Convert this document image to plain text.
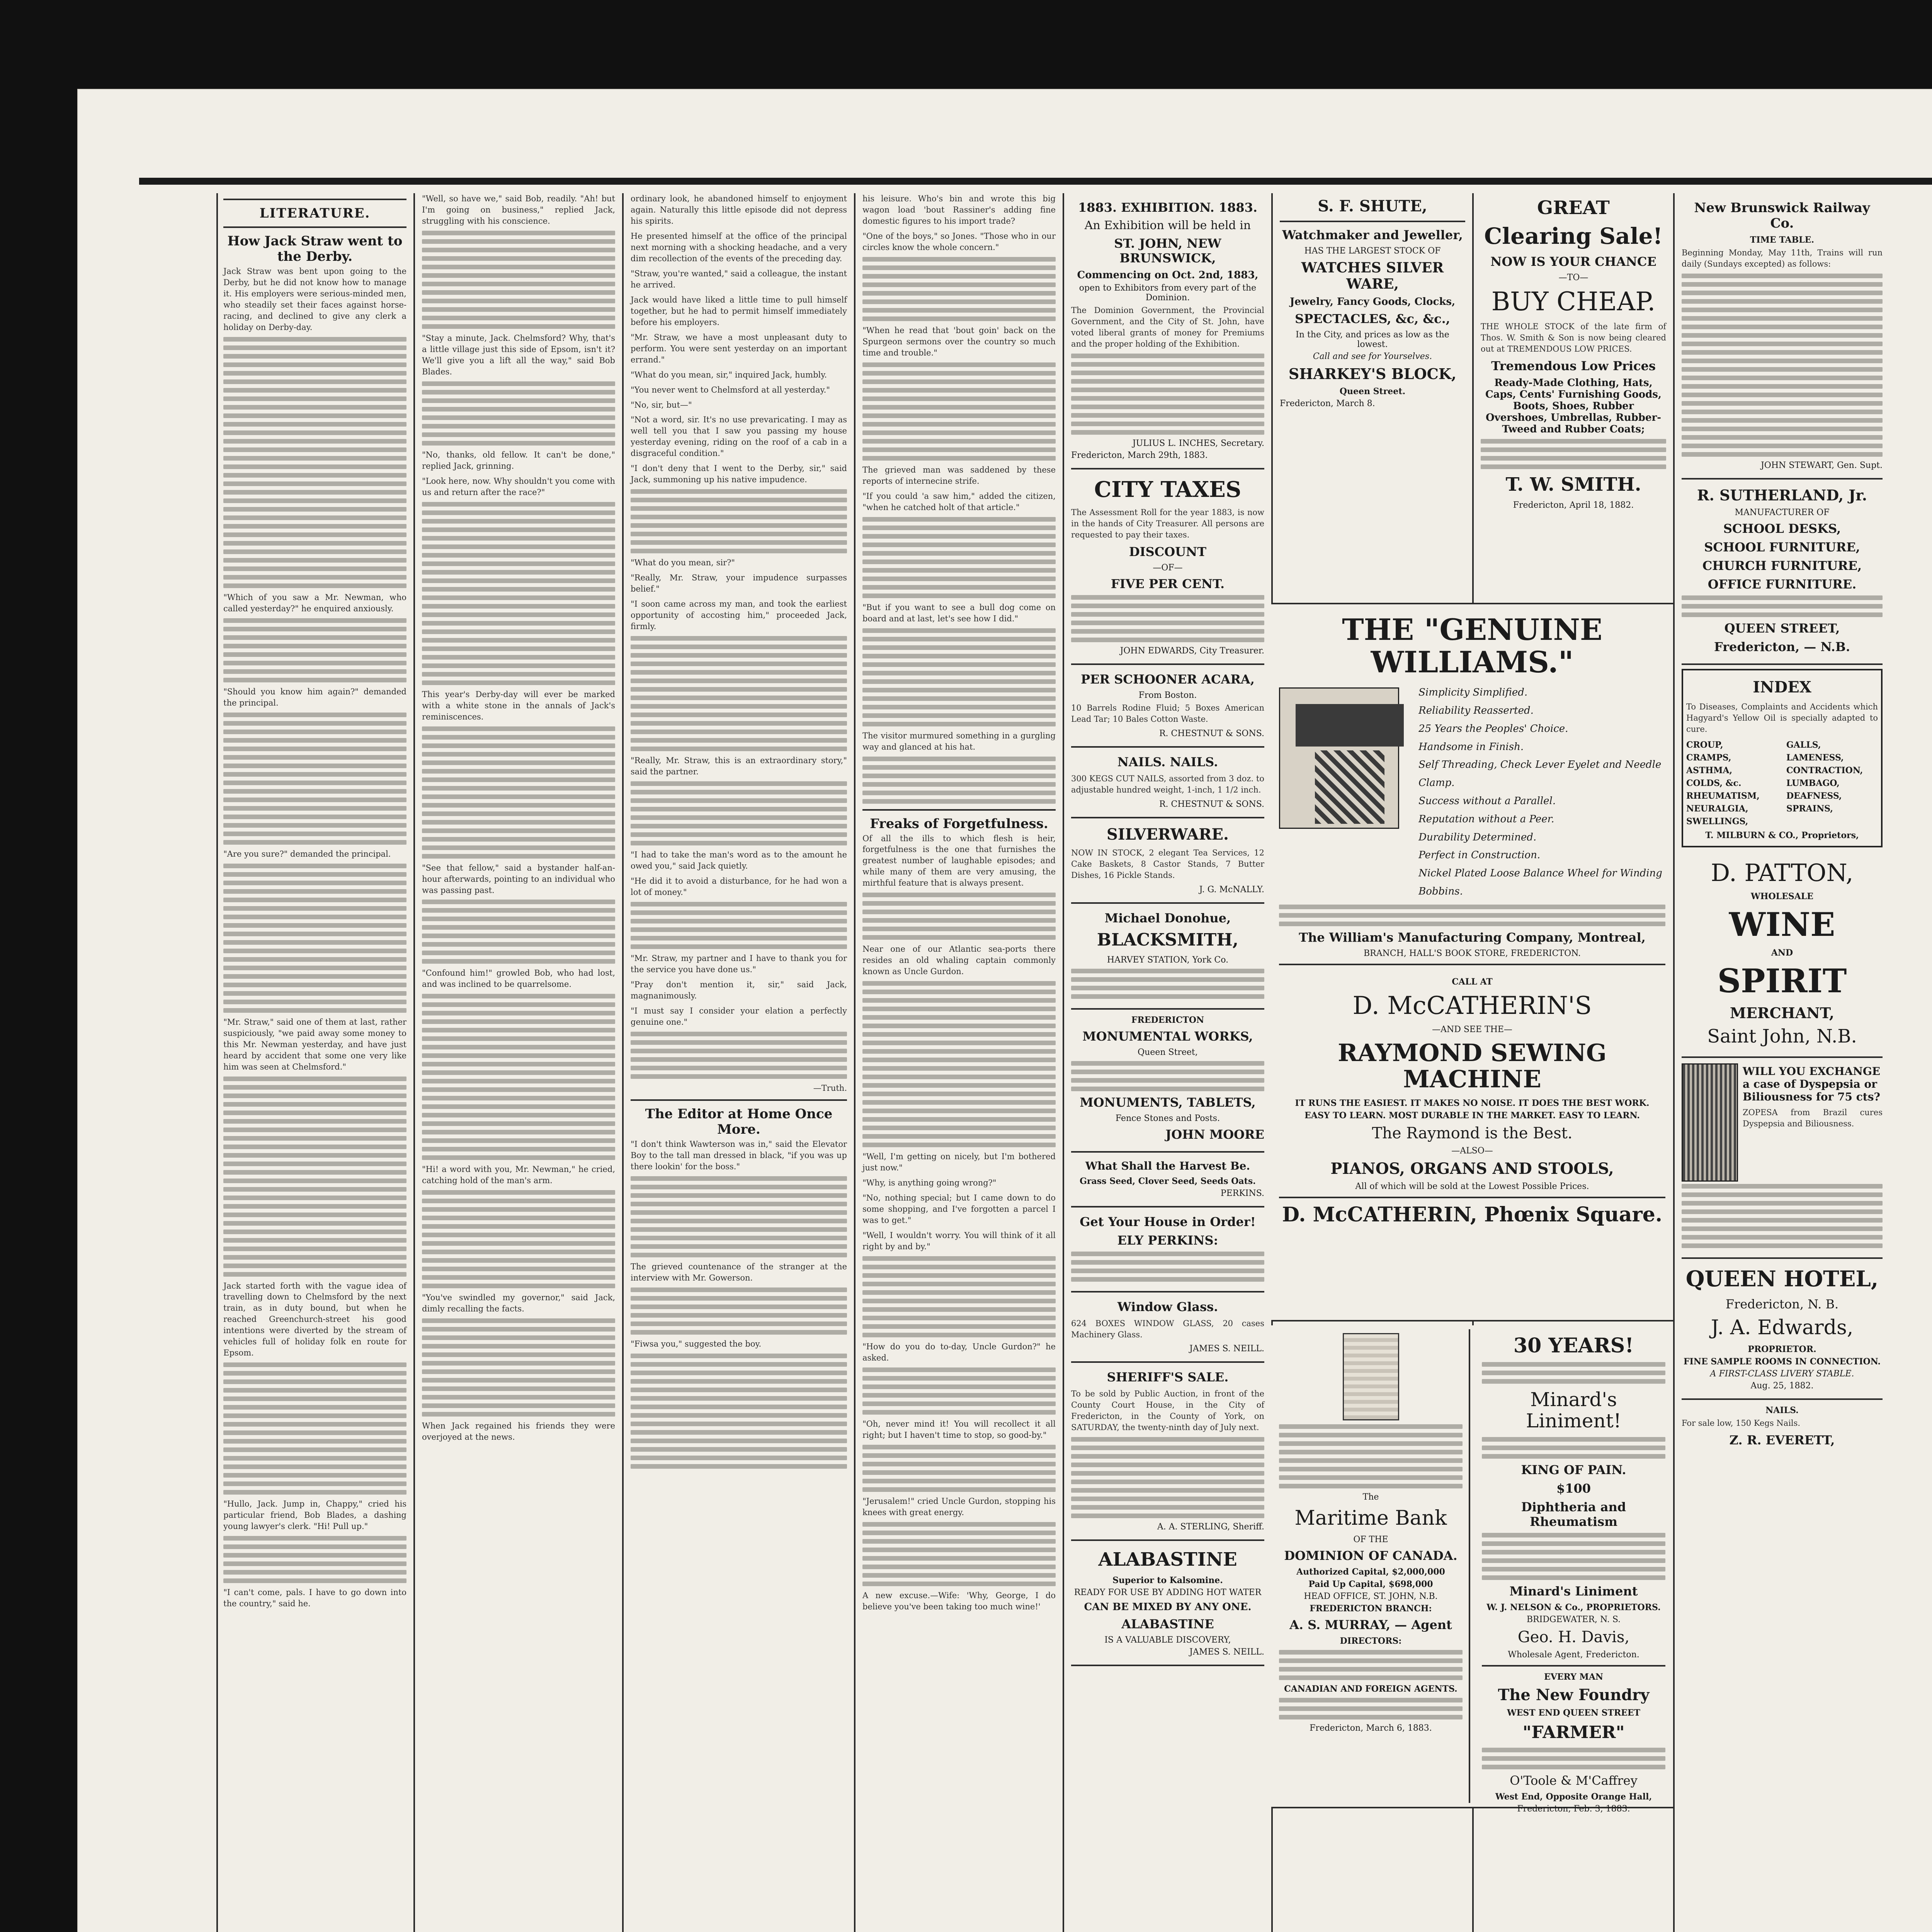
LITERATURE.
How Jack Straw went to the Derby.

Jack Straw was bent upon going to the Derby, but he did not know how to manage it. His employers were serious-minded men, who steadily set their faces against horse-racing, and declined to give any clerk a holiday on Derby-day.

"Which of you saw a Mr. Newman, who called yesterday?" he enquired anxiously.

"Should you know him again?" demanded the principal.

"Are you sure?" demanded the principal.

"Mr. Straw," said one of them at last, rather suspiciously, "we paid away some money to this Mr. Newman yesterday, and have just heard by accident that some one very like him was seen at Chelmsford."

Jack started forth with the vague idea of travelling down to Chelmsford by the next train, as in duty bound, but when he reached Greenchurch-street his good intentions were diverted by the stream of vehicles full of holiday folk en route for Epsom.

"Hullo, Jack. Jump in, Chappy," cried his particular friend, Bob Blades, a dashing young lawyer's clerk. "Hi! Pull up."

"I can't come, pals. I have to go down into the country," said he.

"Well, so have we," said Bob, readily. "Ah! but I'm going on business," replied Jack, struggling with his conscience.

"Stay a minute, Jack. Chelmsford? Why, that's a little village just this side of Epsom, isn't it? We'll give you a lift all the way," said Bob Blades.

"No, thanks, old fellow. It can't be done," replied Jack, grinning.

"Look here, now. Why shouldn't you come with us and return after the race?"

This year's Derby-day will ever be marked with a white stone in the annals of Jack's reminiscences.

"See that fellow," said a bystander half-an-hour afterwards, pointing to an individual who was passing past.

"Confound him!" growled Bob, who had lost, and was inclined to be quarrelsome.

"Hi! a word with you, Mr. Newman," he cried, catching hold of the man's arm.

"You've swindled my governor," said Jack, dimly recalling the facts.

When Jack regained his friends they were overjoyed at the news.

ordinary look, he abandoned himself to enjoyment again. Naturally this little episode did not depress his spirits.

He presented himself at the office of the principal next morning with a shocking headache, and a very dim recollection of the events of the preceding day.

"Straw, you're wanted," said a colleague, the instant he arrived.

Jack would have liked a little time to pull himself together, but he had to permit himself immediately before his employers.

"Mr. Straw, we have a most unpleasant duty to perform. You were sent yesterday on an important errand."

"What do you mean, sir," inquired Jack, humbly.

"You never went to Chelmsford at all yesterday."

"No, sir, but—"

"Not a word, sir. It's no use prevaricating. I may as well tell you that I saw you passing my house yesterday evening, riding on the roof of a cab in a disgraceful condition."

"I don't deny that I went to the Derby, sir," said Jack, summoning up his native impudence.

"What do you mean, sir?"

"Really, Mr. Straw, your impudence surpasses belief."

"I soon came across my man, and took the earliest opportunity of accosting him," proceeded Jack, firmly.

"Really, Mr. Straw, this is an extraordinary story," said the partner.

"I had to take the man's word as to the amount he owed you," said Jack quietly.

"He did it to avoid a disturbance, for he had won a lot of money."

"Mr. Straw, my partner and I have to thank you for the service you have done us."

"Pray don't mention it, sir," said Jack, magnanimously.

"I must say I consider your elation a perfectly genuine one."

—Truth.

The Editor at Home Once More.

"I don't think Wawterson was in," said the Elevator Boy to the tall man dressed in black, "if you was up there lookin' for the boss."

The grieved countenance of the stranger at the interview with Mr. Gowerson.

"Fiwsa you," suggested the boy.

his leisure. Who's bin and wrote this big wagon load 'bout Rassiner's adding fine domestic figures to his import trade?

"One of the boys," so Jones. "Those who in our circles know the whole concern."

"When he read that 'bout goin' back on the Spurgeon sermons over the country so much time and trouble."

The grieved man was saddened by these reports of internecine strife.

"If you could 'a saw him," added the citizen, "when he catched holt of that article."

"But if you want to see a bull dog come on board and at last, let's see how I did."

The visitor murmured something in a gurgling way and glanced at his hat.

Freaks of Forgetfulness.

Of all the ills to which flesh is heir, forgetfulness is the one that furnishes the greatest number of laughable episodes; and while many of them are very amusing, the mirthful feature that is always present.

Near one of our Atlantic sea-ports there resides an old whaling captain commonly known as Uncle Gurdon.

"Well, I'm getting on nicely, but I'm bothered just now."

"Why, is anything going wrong?"

"No, nothing special; but I came down to do some shopping, and I've forgotten a parcel I was to get."

"Well, I wouldn't worry. You will think of it all right by and by."

"How do you do to-day, Uncle Gurdon?" he asked.

"Oh, never mind it! You will recollect it all right; but I haven't time to stop, so good-by."

"Jerusalem!" cried Uncle Gurdon, stopping his knees with great energy.

A new excuse.—Wife: 'Why, George, I do believe you've been taking too much wine!'

1883. EXHIBITION. 1883.
An Exhibition will be held in
ST. JOHN, NEW BRUNSWICK,
Commencing on Oct. 2nd, 1883,
open to Exhibitors from every part of the Dominion.

The Dominion Government, the Provincial Government, and the City of St. John, have voted liberal grants of money for Premiums and the proper holding of the Exhibition.

JULIUS L. INCHES, Secretary.
Fredericton, March 29th, 1883.
CITY TAXES

The Assessment Roll for the year 1883, is now in the hands of City Treasurer. All persons are requested to pay their taxes.

DISCOUNT
—OF—
FIVE PER CENT.
JOHN EDWARDS, City Treasurer.
PER SCHOONER ACARA,
From Boston.

10 Barrels Rodine Fluid; 5 Boxes American Lead Tar; 10 Bales Cotton Waste.

R. CHESTNUT & SONS.
NAILS. NAILS.

300 KEGS CUT NAILS, assorted from 3 doz. to adjustable hundred weight, 1-inch, 1 1/2 inch.

R. CHESTNUT & SONS.
SILVERWARE.

NOW IN STOCK, 2 elegant Tea Services, 12 Cake Baskets, 8 Castor Stands, 7 Butter Dishes, 16 Pickle Stands.

J. G. McNALLY.
Michael Donohue,
BLACKSMITH,
HARVEY STATION, York Co.
FREDERICTON
MONUMENTAL WORKS,
Queen Street,
MONUMENTS, TABLETS,
Fence Stones and Posts.
JOHN MOORE
What Shall the Harvest Be.
Grass Seed, Clover Seed, Seeds Oats.
PERKINS.
Get Your House in Order!
ELY PERKINS:
Window Glass.

624 BOXES WINDOW GLASS, 20 cases Machinery Glass.

JAMES S. NEILL.
SHERIFF'S SALE.

To be sold by Public Auction, in front of the County Court House, in the City of Fredericton, in the County of York, on SATURDAY, the twenty-ninth day of July next.

A. A. STERLING, Sheriff.
ALABASTINE
Superior to Kalsomine.
READY FOR USE BY ADDING HOT WATER
CAN BE MIXED BY ANY ONE.
ALABASTINE
IS A VALUABLE DISCOVERY,
JAMES S. NEILL.
S. F. SHUTE,
Watchmaker and Jeweller,
HAS THE LARGEST STOCK OF
WATCHES SILVER WARE,
Jewelry, Fancy Goods, Clocks,
SPECTACLES, &c, &c.,
In the City, and prices as low as the lowest.
Call and see for Yourselves.
SHARKEY'S BLOCK,
Queen Street.
Fredericton, March 8.
GREAT
Clearing Sale!
NOW IS YOUR CHANCE
—TO—
BUY CHEAP.

THE WHOLE STOCK of the late firm of Thos. W. Smith & Son is now being cleared out at TREMENDOUS LOW PRICES.

Tremendous Low Prices
Ready-Made Clothing, Hats, Caps, Cents' Furnishing Goods, Boots, Shoes, Rubber Overshoes, Umbrellas, Rubber-Tweed and Rubber Coats;
T. W. SMITH.
Fredericton, April 18, 1882.
New Brunswick Railway Co.
TIME TABLE.

Beginning Monday, May 11th, Trains will run daily (Sundays excepted) as follows:

JOHN STEWART, Gen. Supt.
R. SUTHERLAND, Jr.
MANUFACTURER OF
SCHOOL DESKS,
SCHOOL FURNITURE,
CHURCH FURNITURE,
OFFICE FURNITURE.
QUEEN STREET,
Fredericton, — N.B.
INDEX

To Diseases, Complaints and Accidents which Hagyard's Yellow Oil is specially adapted to cure.

CROUP,
CRAMPS,
ASTHMA,
COLDS, &c.
RHEUMATISM,
NEURALGIA,
SWELLINGS,
GALLS,
LAMENESS,
CONTRACTION,
LUMBAGO,
DEAFNESS,
SPRAINS,
T. MILBURN & CO., Proprietors,
D. PATTON,
WHOLESALE
WINE
AND
SPIRIT
MERCHANT,
Saint John, N.B.
WILL YOU EXCHANGE a case of Dyspepsia or Biliousness for 75 cts?

ZOPESA from Brazil cures Dyspepsia and Biliousness.

QUEEN HOTEL,
Fredericton, N. B.
J. A. Edwards,
PROPRIETOR.
FINE SAMPLE ROOMS IN CONNECTION.
A FIRST-CLASS LIVERY STABLE.
Aug. 25, 1882.
NAILS.

For sale low, 150 Kegs Nails.

Z. R. EVERETT,
THE "GENUINE WILLIAMS."
Simplicity Simplified.
Reliability Reasserted.
25 Years the Peoples' Choice.
Handsome in Finish.
Self Threading, Check Lever Eyelet and Needle Clamp.
Success without a Parallel.
Reputation without a Peer.
Durability Determined.
Perfect in Construction.
Nickel Plated Loose Balance Wheel for Winding Bobbins.
The William's Manufacturing Company, Montreal,
BRANCH, HALL'S BOOK STORE, FREDERICTON.
CALL AT
D. McCATHERIN'S
—AND SEE THE—
RAYMOND SEWING MACHINE
IT RUNS THE EASIEST. IT MAKES NO NOISE. IT DOES THE BEST WORK.
EASY TO LEARN. MOST DURABLE IN THE MARKET. EASY TO LEARN.
The Raymond is the Best.
—ALSO—
PIANOS, ORGANS AND STOOLS,
All of which will be sold at the Lowest Possible Prices.
D. McCATHERIN, Phœnix Square.
The
Maritime Bank
OF THE
DOMINION OF CANADA.
Authorized Capital, $2,000,000
Paid Up Capital, $698,000
HEAD OFFICE, ST. JOHN, N.B.
FREDERICTON BRANCH:
A. S. MURRAY, — Agent
DIRECTORS:
CANADIAN AND FOREIGN AGENTS.
Fredericton, March 6, 1883.
30 YEARS!
Minard's Liniment!
KING OF PAIN.
$100
Diphtheria and Rheumatism
Minard's Liniment
W. J. NELSON & Co., PROPRIETORS.
BRIDGEWATER, N. S.
Geo. H. Davis,
Wholesale Agent, Fredericton.
EVERY MAN
The New Foundry
WEST END QUEEN STREET
"FARMER"
O'Toole & M'Caffrey
West End, Opposite Orange Hall,
Fredericton, Feb. 3, 1883.
